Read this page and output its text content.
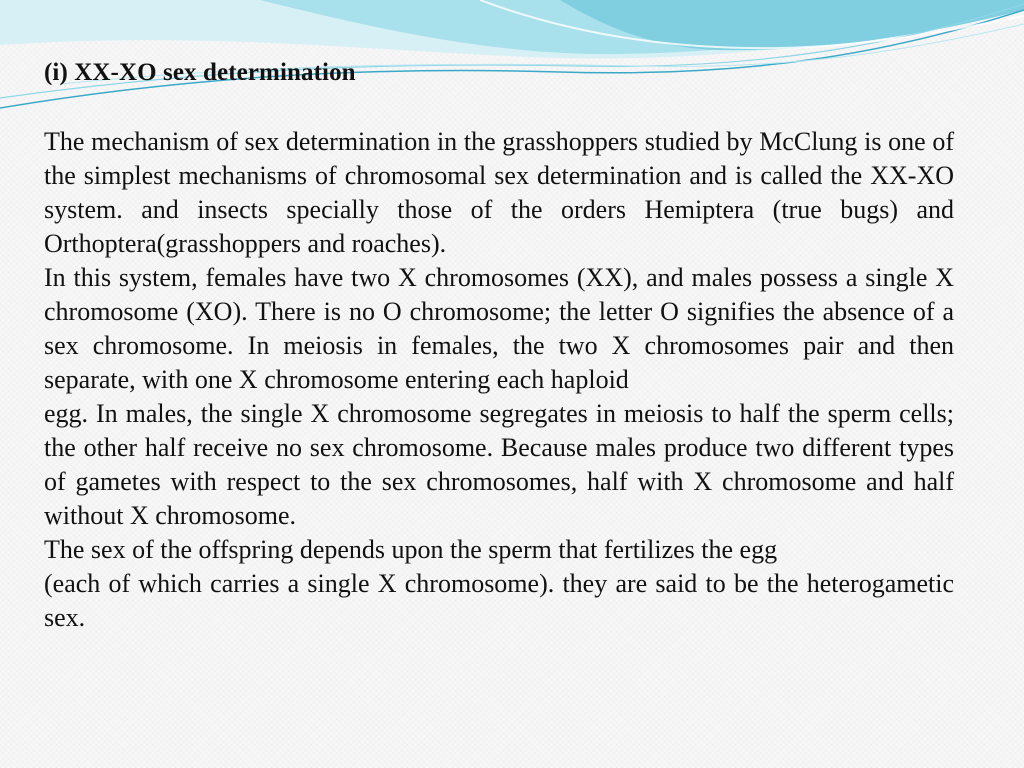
(i) XX-XO sex determination

The mechanism of sex determination in the grasshoppers studied by McClung is one of the simplest mechanisms of chromosomal sex determination and is called the XX-XO system. and insects specially those of the orders Hemiptera (true bugs) and Orthoptera(grasshoppers and roaches).

In this system, females have two X chromosomes (XX), and males possess a single X chromosome (XO). There is no O chromosome; the letter O signifies the absence of a sex chromosome. In meiosis in females, the two X chromosomes pair and then separate, with one X chromosome entering each haploid

egg. In males, the single X chromosome segregates in meiosis to half the sperm cells; the other half receive no sex chromosome. Because males produce two different types of gametes with respect to the sex chromosomes, half with X chromosome and half without X chromosome.

The sex of the offspring depends upon the sperm that fertilizes the egg

(each of which carries a single X chromosome). they are said to be the heterogametic sex.
